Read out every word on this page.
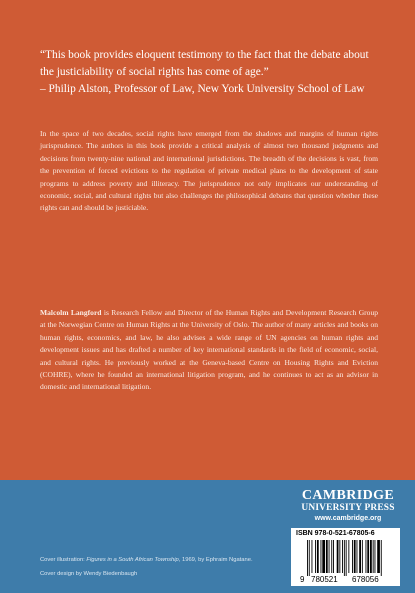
“This book provides eloquent testimony to the fact that the debate about the justiciability of social rights has come of age.”
– Philip Alston, Professor of Law, New York University School of Law

In the space of two decades, social rights have emerged from the shadows and margins of human rights jurisprudence. The authors in this book provide a critical analysis of almost two thousand judgments and decisions from twenty-nine national and international jurisdictions. The breadth of the decisions is vast, from the prevention of forced evictions to the regulation of private medical plans to the development of state programs to address poverty and illiteracy. The jurisprudence not only implicates our understanding of economic, social, and cultural rights but also challenges the philosophical debates that question whether these rights can and should be justiciable.

Malcolm Langford is Research Fellow and Director of the Human Rights and Development Research Group at the Norwegian Centre on Human Rights at the University of Oslo. The author of many articles and books on human rights, economics, and law, he also advises a wide range of UN agencies on human rights and development issues and has drafted a number of key international standards in the field of economic, social, and cultural rights. He previously worked at the Geneva-based Centre on Housing Rights and Eviction (COHRE), where he founded an international litigation program, and he continues to act as an advisor in domestic and international litigation.

CAMBRIDGE
UNIVERSITY PRESS
www.cambridge.org
ISBN 978-0-521-67805-6
9 780521 678056
Cover illustration: Figures in a South African Township, 1969, by Ephraim Ngatane.
Cover design by Wendy Biedenbaugh
